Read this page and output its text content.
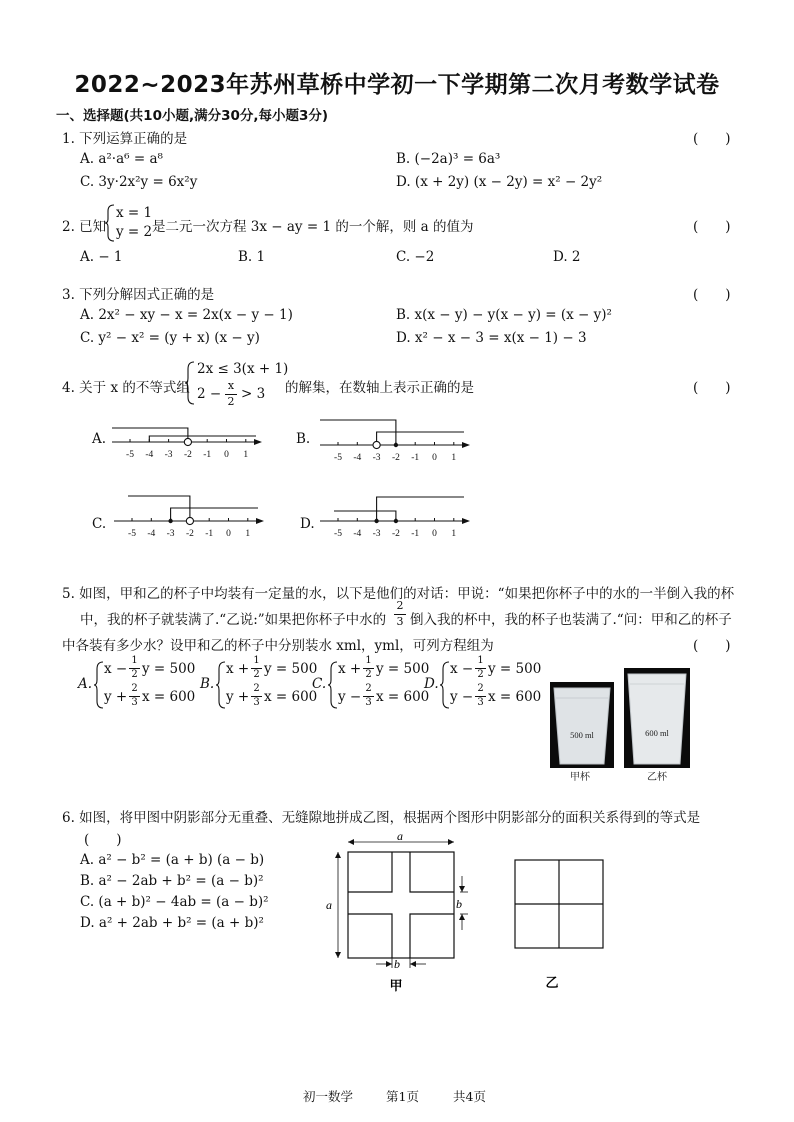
2022~2023年苏州草桥中学初一下学期第二次月考数学试卷
一、选择题(共10小题,满分30分,每小题3分)
1. 下列运算正确的是	(　　)
A. a²·a⁶ = a⁸	B. (−2a)³ = 6a³
C. 3y·2x²y = 6x²y	D. (x + 2y) (x − 2y) = x² − 2y²
2. 已知
x = 1
y = 2 是二元一次方程 3x − ay = 1 的一个解，则 a 的值为	(　　)
A. − 1	B. 1	C. −2	D. 2
3. 下列分解因式正确的是	(　　)
A. 2x² − xy − x = 2x(x − y − 1)	B. x(x − y) − y(x − y) = (x − y)²
C. y² − x² = (y + x) (x − y)	D. x² − x − 3 = x(x − 1) − 3
4. 关于 x 的不等式组
2x ≤ 3(x + 1)
2 −
x
2 > 3 的解集，在数轴上表示正确的是	(　　)
A.	B.
C.	D.
-5 -4 -3 -2 -1 0 1	-5 -4 -3 -2 -1 0 1
-5 -4 -3 -2 -1 0 1	-5 -4 -3 -2 -1 0 1
5. 如图，甲和乙的杯子中均装有一定量的水，以下是他们的对话：甲说：“如果把你杯子中的水的一半倒入我的杯
中，我的杯子就装满了.“乙说:”如果把你杯子中水的
2
3 倒入我的杯中，我的杯子也装满了.“问：甲和乙的杯子
中各装有多少水？设甲和乙的杯子中分别装水 xml，yml，可列方程组为	(　　)
A.
x −
1
2 y = 500
y +
2
3 x = 600
B.
x +
1
2 y = 500
y +
2
3 x = 600
C.
x +
1
2 y = 500
y −
2
3 x = 600
D.
x −
1
2 y = 500
y −
2
3 x = 600
500 ml	600 ml
甲杯	乙杯
6. 如图，将甲图中阴影部分无重叠、无缝隙地拼成乙图，根据两个图形中阴影部分的面积关系得到的等式是
(　　)
A. a² − b² = (a + b) (a − b)
B. a² − 2ab + b² = (a − b)²
C. (a + b)² − 4ab = (a − b)²
D. a² + 2ab + b² = (a + b)²
a
a	b
b
甲	乙
初一数学	第1页	共4页
